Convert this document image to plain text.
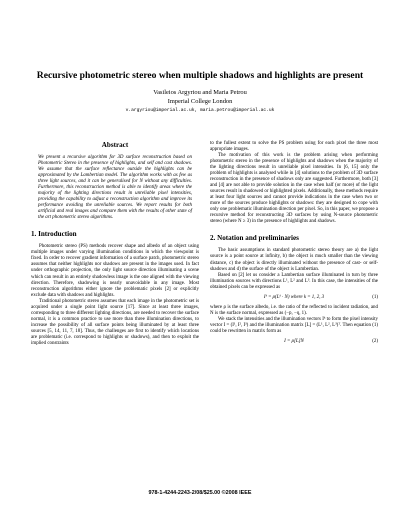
Recursive photometric stereo when multiple shadows and highlights are present
Vasileios Argyriou and Maria Petrou
Imperial College London
v.argyriou@imperial.ac.uk, maria.petrou@imperial.ac.uk
Abstract
We present a recursive algorithm for 3D surface reconstruction based on Photometric Stereo in the presence of highlights, and self and cast shadows. We assume that the surface reflectance outside the highlights can be approximated by the Lambertian model. The algorithm works with as few as three light sources, and it can be generalised for N without any difficulties. Furthermore, this reconstruction method is able to identify areas where the majority of the lighting directions result in unreliable pixel intensities, providing the capability to adjust a reconstruction algorithm and improve its performance avoiding the unreliable sources. We report results for both artificial and real images and compare them with the results of other state of the art photometric stereo algorithms.
1. Introduction

Photometric stereo (PS) methods recover shape and albedo of an object using multiple images under varying illumination conditions in which the viewpoint is fixed. In order to recover gradient information of a surface patch, photometric stereo assumes that neither highlights nor shadows are present in the images used. In fact under orthographic projection, the only light source direction illuminating a scene which can result in an entirely shadowless image is the one aligned with the viewing direction. Therefore, shadowing is nearly unavoidable in any image. Most reconstruction algorithms either ignore the problematic pixels [2] or explicitly exclude data with shadows and highlights.

Traditional photometric stereo assumes that each image in the photometric set is acquired under a single point light source [17]. Since at least three images, corresponding to three different lighting directions, are needed to recover the surface normal, it is a common practice to use more than three illumination directions, to increase the possibility of all surface points being illuminated by at least three sources [5, 14, 11, 7, 18]. Thus, the challenges are first to identify which locations are problematic (i.e. correspond to highlights or shadows), and then to exploit the implied constraints

to the fullest extent to solve the PS problem using for each pixel the three most appropriate images.

The motivation of this work is the problem arising when performing photometric stereo in the presence of highlights and shadows when the majority of the lighting directions result in unreliable pixel intensities. In [6, 15] only the problem of highlights is analysed while in [4] solutions to the problem of 3D surface reconstruction in the presence of shadows only are suggested. Furthermore, both [3] and [4] are not able to provide solution in the case when half (or more) of the light sources result in shadowed or highlighted pixels. Additionally, these methods require at least four light sources and cannot provide indications in the case when two or more of the sources produce highlights or shadows: they are designed to cope with only one problematic illumination direction per pixel. So, in this paper, we propose a recursive method for reconstructing 3D surfaces by using N-source photometric stereo (where N ≥ 3) in the presence of highlights and shadows.

2. Notation and preliminaries

The basic assumptions in standard photometric stereo theory are a) the light source is a point source at infinity, b) the object is much smaller than the viewing distance, c) the object is directly illuminated without the presence of cast- or self-shadows and d) the surface of the object is Lambertian.

Based on [2] let us consider a Lambertian surface illuminated in turn by three illumination sources with directions L¹, L² and L³. In this case, the intensities of the obtained pixels can be expressed as

Iᵏ = ρ(Lᵏ · N) where k = 1, 2, 3	(1)

where ρ is the surface albedo, i.e. the ratio of the reflected to incident radiation, and N is the surface normal, expressed as (−p, −q, 1).

We stack the intensities and the illumination vectors Iᵏ to form the pixel intensity vector I = (I¹, I², I³) and the illumination matrix [L] = (L¹, L², L³)ᵀ. Then equation (1) could be rewritten in matrix form as

I = ρ[L]N	(2)
978-1-4244-2243-2/08/$25.00 ©2008 IEEE
